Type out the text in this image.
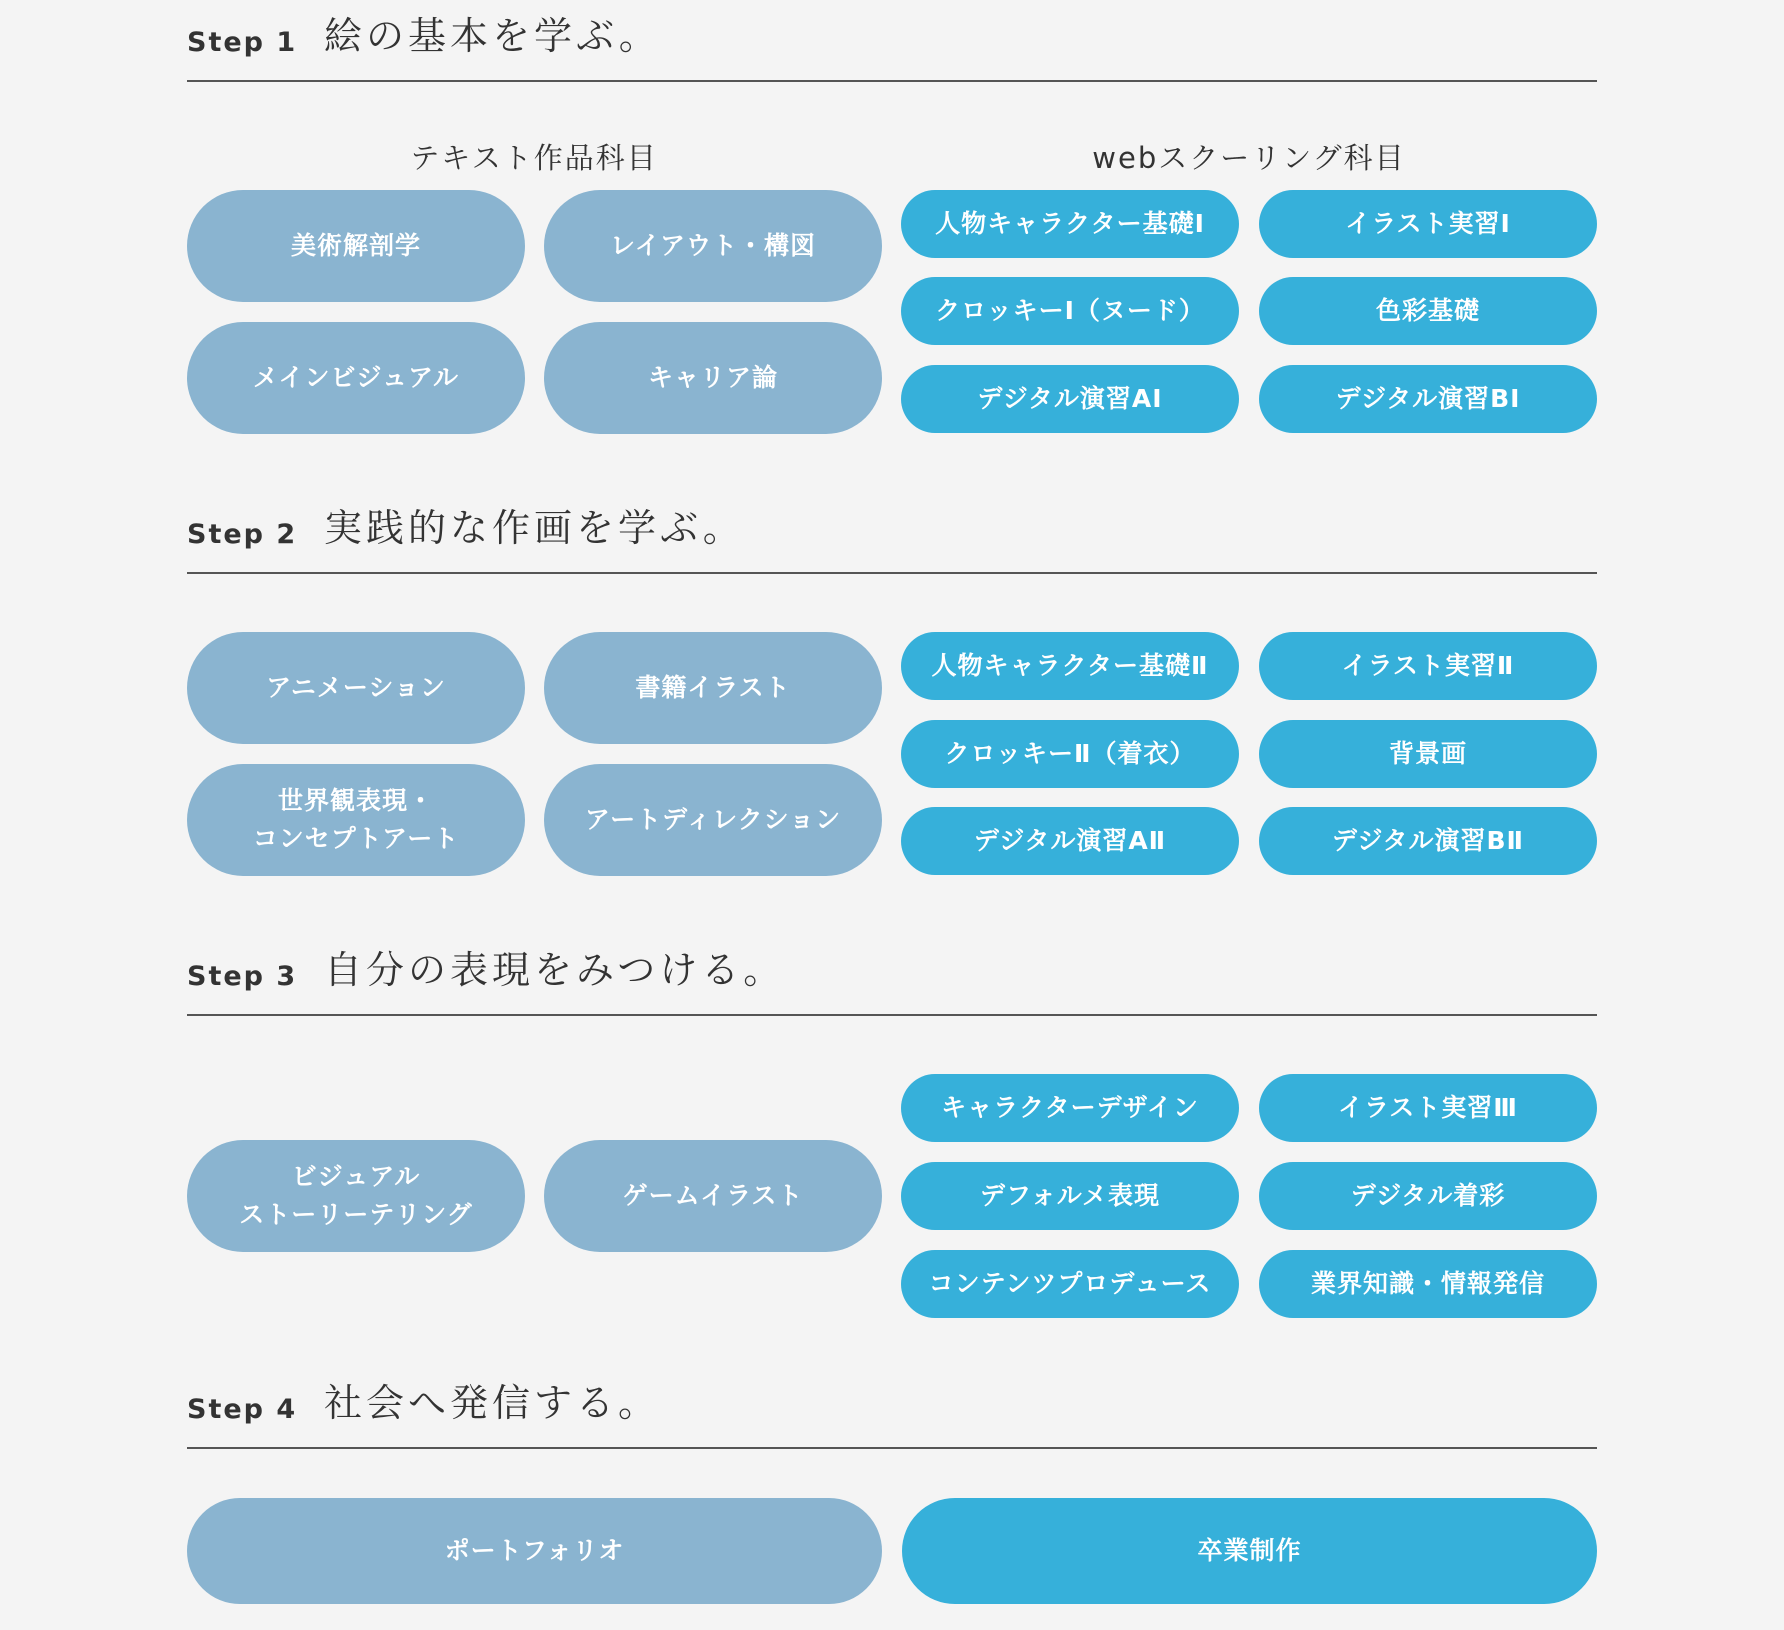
Step 1 絵の基本を学ぶ。
テキスト作品科目	webスクーリング科目
美術解剖学	レイアウト・構図
メインビジュアル	キャリア論
人物キャラクター基礎Ⅰ	イラスト実習Ⅰ
クロッキーⅠ（ヌード）	色彩基礎
デジタル演習AⅠ	デジタル演習BⅠ
Step 2 実践的な作画を学ぶ。
アニメーション	書籍イラスト
世界観表現・
コンセプトアート
アートディレクション
人物キャラクター基礎Ⅱ	イラスト実習Ⅱ
クロッキーⅡ（着衣）	背景画
デジタル演習AⅡ	デジタル演習BⅡ
Step 3 自分の表現をみつける。
ビジュアル
ストーリーテリング
ゲームイラスト
キャラクターデザイン	イラスト実習Ⅲ
デフォルメ表現	デジタル着彩
コンテンツプロデュース	業界知識・情報発信
Step 4 社会へ発信する。
ポートフォリオ	卒業制作
